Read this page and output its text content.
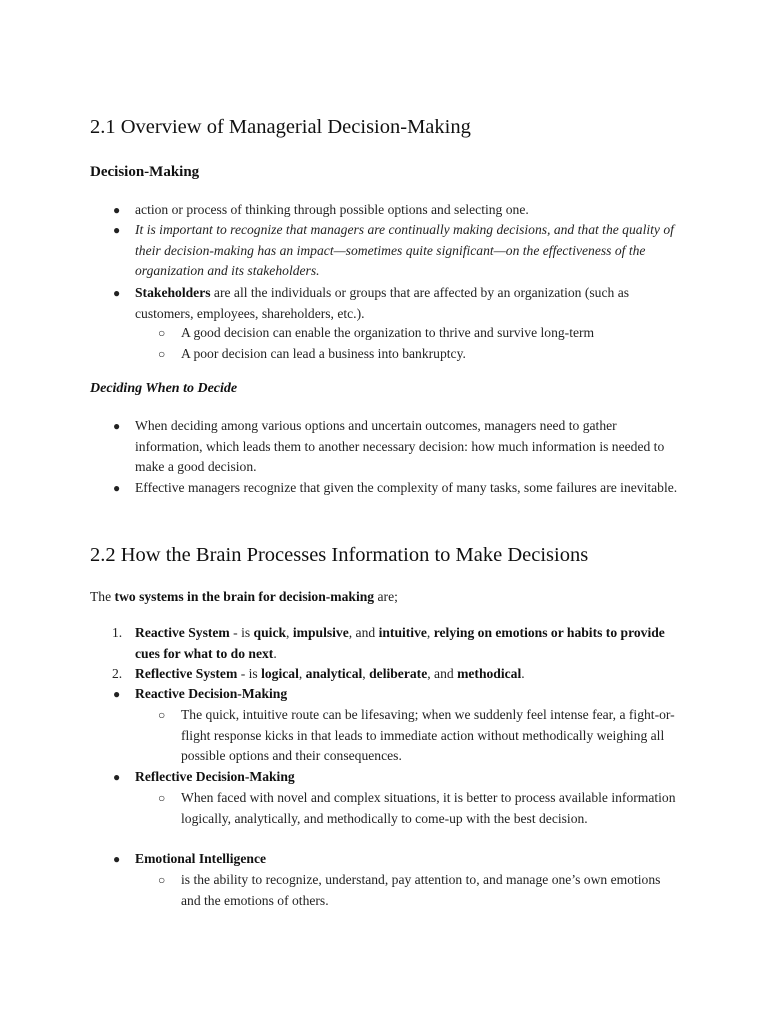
2.1 Overview of Managerial Decision-Making
Decision-Making
● action or process of thinking through possible options and selecting one.
● It is important to recognize that managers are continually making decisions, and that the quality of their decision-making has an impact—sometimes quite significant—on the effectiveness of the organization and its stakeholders.
● Stakeholders are all the individuals or groups that are affected by an organization (such as customers, employees, shareholders, etc.).
○ A good decision can enable the organization to thrive and survive long-term
○ A poor decision can lead a business into bankruptcy.
Deciding When to Decide
● When deciding among various options and uncertain outcomes, managers need to gather information, which leads them to another necessary decision: how much information is needed to make a good decision.
● Effective managers recognize that given the complexity of many tasks, some failures are inevitable.
2.2 How the Brain Processes Information to Make Decisions
The two systems in the brain for decision-making are;
1. Reactive System - is quick, impulsive, and intuitive, relying on emotions or habits to provide cues for what to do next.
2. Reflective System - is logical, analytical, deliberate, and methodical.
● Reactive Decision-Making
○ The quick, intuitive route can be lifesaving; when we suddenly feel intense fear, a fight-or-flight response kicks in that leads to immediate action without methodically weighing all possible options and their consequences.
● Reflective Decision-Making
○ When faced with novel and complex situations, it is better to process available information logically, analytically, and methodically to come-up with the best decision.
● Emotional Intelligence
○ is the ability to recognize, understand, pay attention to, and manage one’s own emotions and the emotions of others.
